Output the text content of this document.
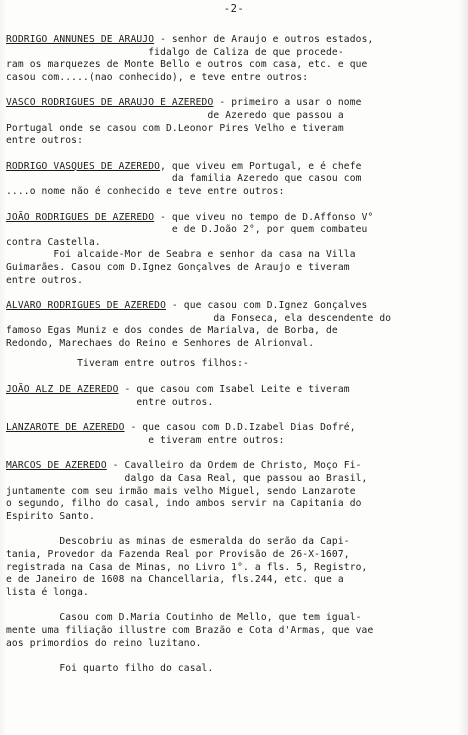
-2-
RODRIGO ANNUNES DE ARAUJO - senhor de Araujo e outros estados,
fidalgo de Caliza de que procede-
ram os marquezes de Monte Bello e outros com casa, etc. e que
casou com.....(nao conhecido), e teve entre outros:
VASCO RODRIGUES DE ARAUJO E AZEREDO - primeiro a usar o nome
de Azeredo que passou a
Portugal onde se casou com D.Leonor Pires Velho e tiveram
entre outros:
RODRIGO VASQUES DE AZEREDO, que viveu em Portugal, e é chefe
da familia Azeredo que casou com
....o nome não é conhecido e teve entre outros:
JOÃO RODRIGUES DE AZEREDO - que viveu no tempo de D.Affonso V°
e de D.João 2°, por quem combateu
contra Castella.
Foi alcaide-Mor de Seabra e senhor da casa na Villa
Guimarães. Casou com D.Ignez Gonçalves de Araujo e tiveram
entre outros.
ALVARO RODRIGUES DE AZEREDO - que casou com D.Ignez Gonçalves
da Fonseca, ela descendente do
famoso Egas Muniz e dos condes de Marialva, de Borba, de
Redondo, Marechaes do Reino e Senhores de Alrionval.
Tiveram entre outros filhos:-
JOÃO ALZ DE AZEREDO - que casou com Isabel Leite e tiveram
entre outros.
LANZAROTE DE AZEREDO - que casou com D.D.Izabel Dias Dofré,
e tiveram entre outros:
MARCOS DE AZEREDO - Cavalleiro da Ordem de Christo, Moço Fi-
dalgo da Casa Real, que passou ao Brasil,
juntamente com seu irmão mais velho Miguel, sendo Lanzarote
o segundo, filho do casal, indo ambos servir na Capitania do
Espirito Santo.
Descobriu as minas de esmeralda do serão da Capi-
tania, Provedor da Fazenda Real por Provisão de 26-X-1607,
registrada na Casa de Minas, no Livro 1°. a fls. 5, Registro,
e de Janeiro de 1608 na Chancellaria, fls.244, etc. que a
lista é longa.
Casou com D.Maria Coutinho de Mello, que tem igual-
mente uma filiação illustre com Brazão e Cota d'Armas, que vae
aos primordios do reino luzitano.
Foi quarto filho do casal.
